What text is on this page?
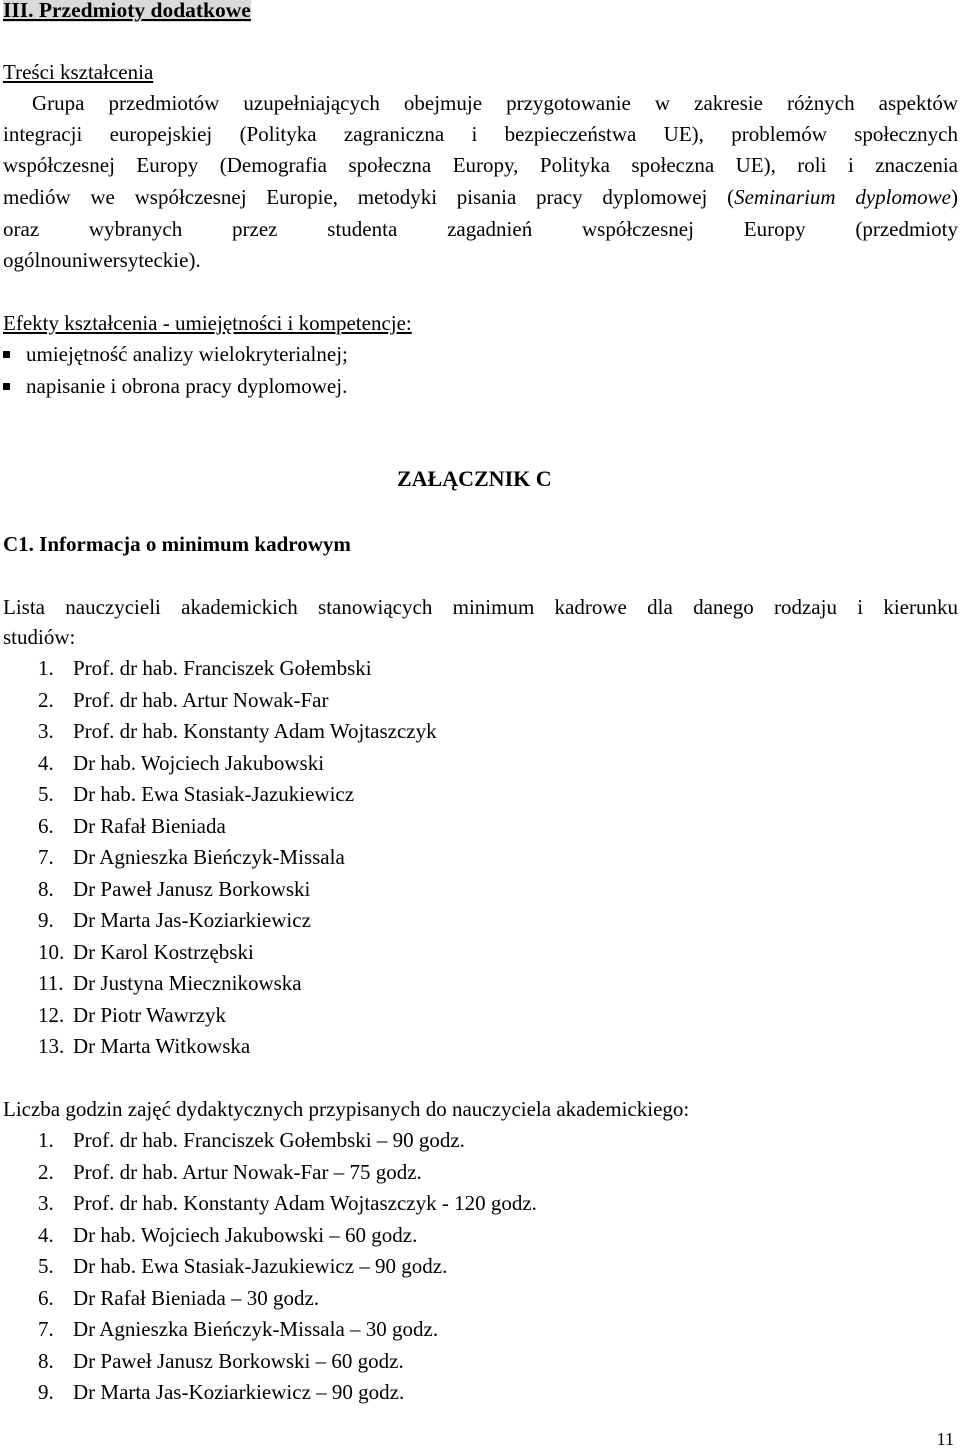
III. Przedmioty dodatkowe
Treści kształcenia
Grupa przedmiotów uzupełniających obejmuje przygotowanie w zakresie różnych aspektów
integracji europejskiej (Polityka zagraniczna i bezpieczeństwa UE), problemów społecznych
współczesnej Europy (Demografia społeczna Europy, Polityka społeczna UE), roli i znaczenia
mediów we współczesnej Europie, metodyki pisania pracy dyplomowej (Seminarium dyplomowe)
oraz wybranych przez studenta zagadnień współczesnej Europy (przedmioty
ogólnouniwersyteckie).
Efekty kształcenia - umiejętności i kompetencje:
umiejętność analizy wielokryterialnej;
napisanie i obrona pracy dyplomowej.
ZAŁĄCZNIK C
C1. Informacja o minimum kadrowym
Lista nauczycieli akademickich stanowiących minimum kadrowe dla danego rodzaju i kierunku
studiów:
1. Prof. dr hab. Franciszek Gołembski
2. Prof. dr hab. Artur Nowak-Far
3. Prof. dr hab. Konstanty Adam Wojtaszczyk
4. Dr hab. Wojciech Jakubowski
5. Dr hab. Ewa Stasiak-Jazukiewicz
6. Dr Rafał Bieniada
7. Dr Agnieszka Bieńczyk-Missala
8. Dr Paweł Janusz Borkowski
9. Dr Marta Jas-Koziarkiewicz
10. Dr Karol Kostrzębski
11. Dr Justyna Miecznikowska
12. Dr Piotr Wawrzyk
13. Dr Marta Witkowska
Liczba godzin zajęć dydaktycznych przypisanych do nauczyciela akademickiego:
1. Prof. dr hab. Franciszek Gołembski – 90 godz.
2. Prof. dr hab. Artur Nowak-Far – 75 godz.
3. Prof. dr hab. Konstanty Adam Wojtaszczyk - 120 godz.
4. Dr hab. Wojciech Jakubowski – 60 godz.
5. Dr hab. Ewa Stasiak-Jazukiewicz – 90 godz.
6. Dr Rafał Bieniada – 30 godz.
7. Dr Agnieszka Bieńczyk-Missala – 30 godz.
8. Dr Paweł Janusz Borkowski – 60 godz.
9. Dr Marta Jas-Koziarkiewicz – 90 godz.
11
